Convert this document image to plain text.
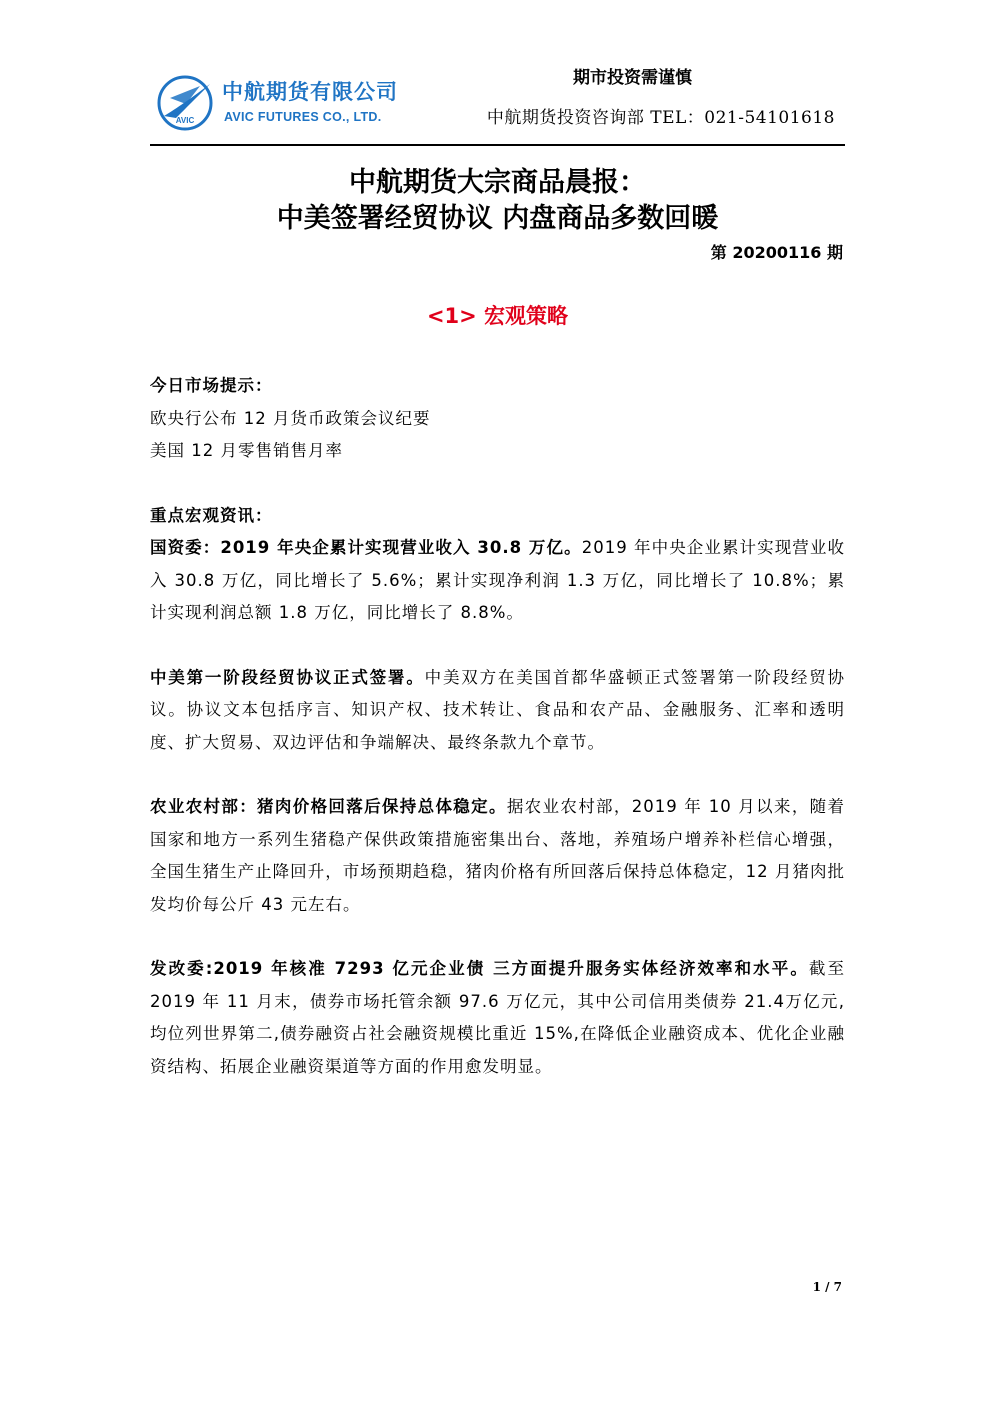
AVIC
中航期货有限公司
AVIC FUTURES CO., LTD.
期市投资需谨慎
中航期货投资咨询部 TEL：021-54101618
中航期货大宗商品晨报：
中美签署经贸协议 内盘商品多数回暖
第 20200116 期
<1> 宏观策略

今日市场提示：

欧央行公布 12 月货币政策会议纪要

美国 12 月零售销售月率

重点宏观资讯：

国资委：2019 年央企累计实现营业收入 30.8 万亿。2019 年中央企业累计实现营业收入 30.8 万亿，同比增长了 5.6%；累计实现净利润 1.3 万亿，同比增长了 10.8%；累计实现利润总额 1.8 万亿，同比增长了 8.8%。

中美第一阶段经贸协议正式签署。中美双方在美国首都华盛顿正式签署第一阶段经贸协议。协议文本包括序言、知识产权、技术转让、食品和农产品、金融服务、汇率和透明度、扩大贸易、双边评估和争端解决、最终条款九个章节。

农业农村部：猪肉价格回落后保持总体稳定。据农业农村部，2019 年 10 月以来，随着国家和地方一系列生猪稳产保供政策措施密集出台、落地，养殖场户增养补栏信心增强，全国生猪生产止降回升，市场预期趋稳，猪肉价格有所回落后保持总体稳定，12 月猪肉批发均价每公斤 43 元左右。

发改委:2019 年核准 7293 亿元企业债 三方面提升服务实体经济效率和水平。截至 2019 年 11 月末，债券市场托管余额 97.6 万亿元，其中公司信用类债券 21.4万亿元,均位列世界第二,债券融资占社会融资规模比重近 15%,在降低企业融资成本、优化企业融资结构、拓展企业融资渠道等方面的作用愈发明显。

1 / 7
